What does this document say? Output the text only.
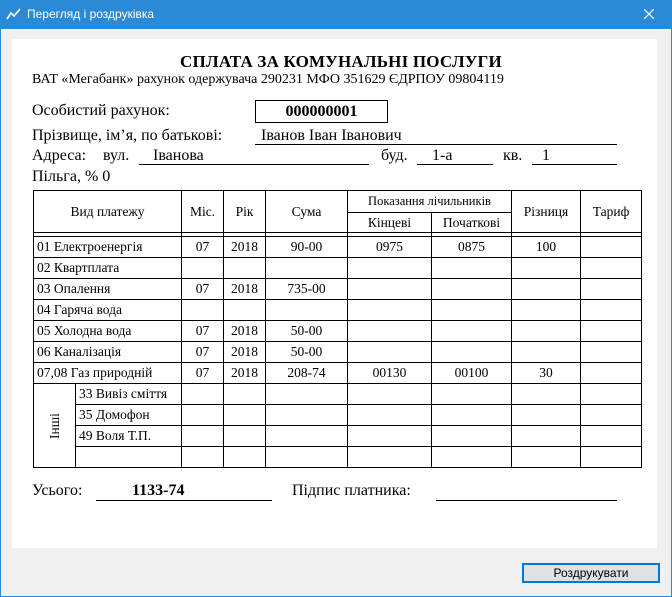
Перегляд і роздруківка
СПЛАТА ЗА КОМУНАЛЬНІ ПОСЛУГИ
ВАТ «Мегабанк» рахунок одержувача 290231 МФО 351629 ЄДРПОУ 09804119
Особистий рахунок:	000000001
Прізвище, ім’я, по батькові: Іванов Іван Іванович
Адреса: вул. Іванова	буд. 1-а	кв. 1
Пільга, % 0
Вид платежу		Міс.	Рік	Сума	Показання лічильників		Різниця	Тариф
					Кінцеві	Початкові		

01 Електроенергія		07	2018	90-00	0975	0875	100	
02 Квартплата								
03 Опалення		07	2018	735-00				
04 Гаряча вода								
05 Холодна вода		07	2018	50-00				
06 Каналізація		07	2018	50-00				
07,08 Газ природній		07	2018	208-74	00130	00100	30	

Інші	33 Вивіз сміття							
	35 Домофон							
	49 Воля Т.П.							

Усього:	1133-74	Підпис платника:
Роздрукувати
